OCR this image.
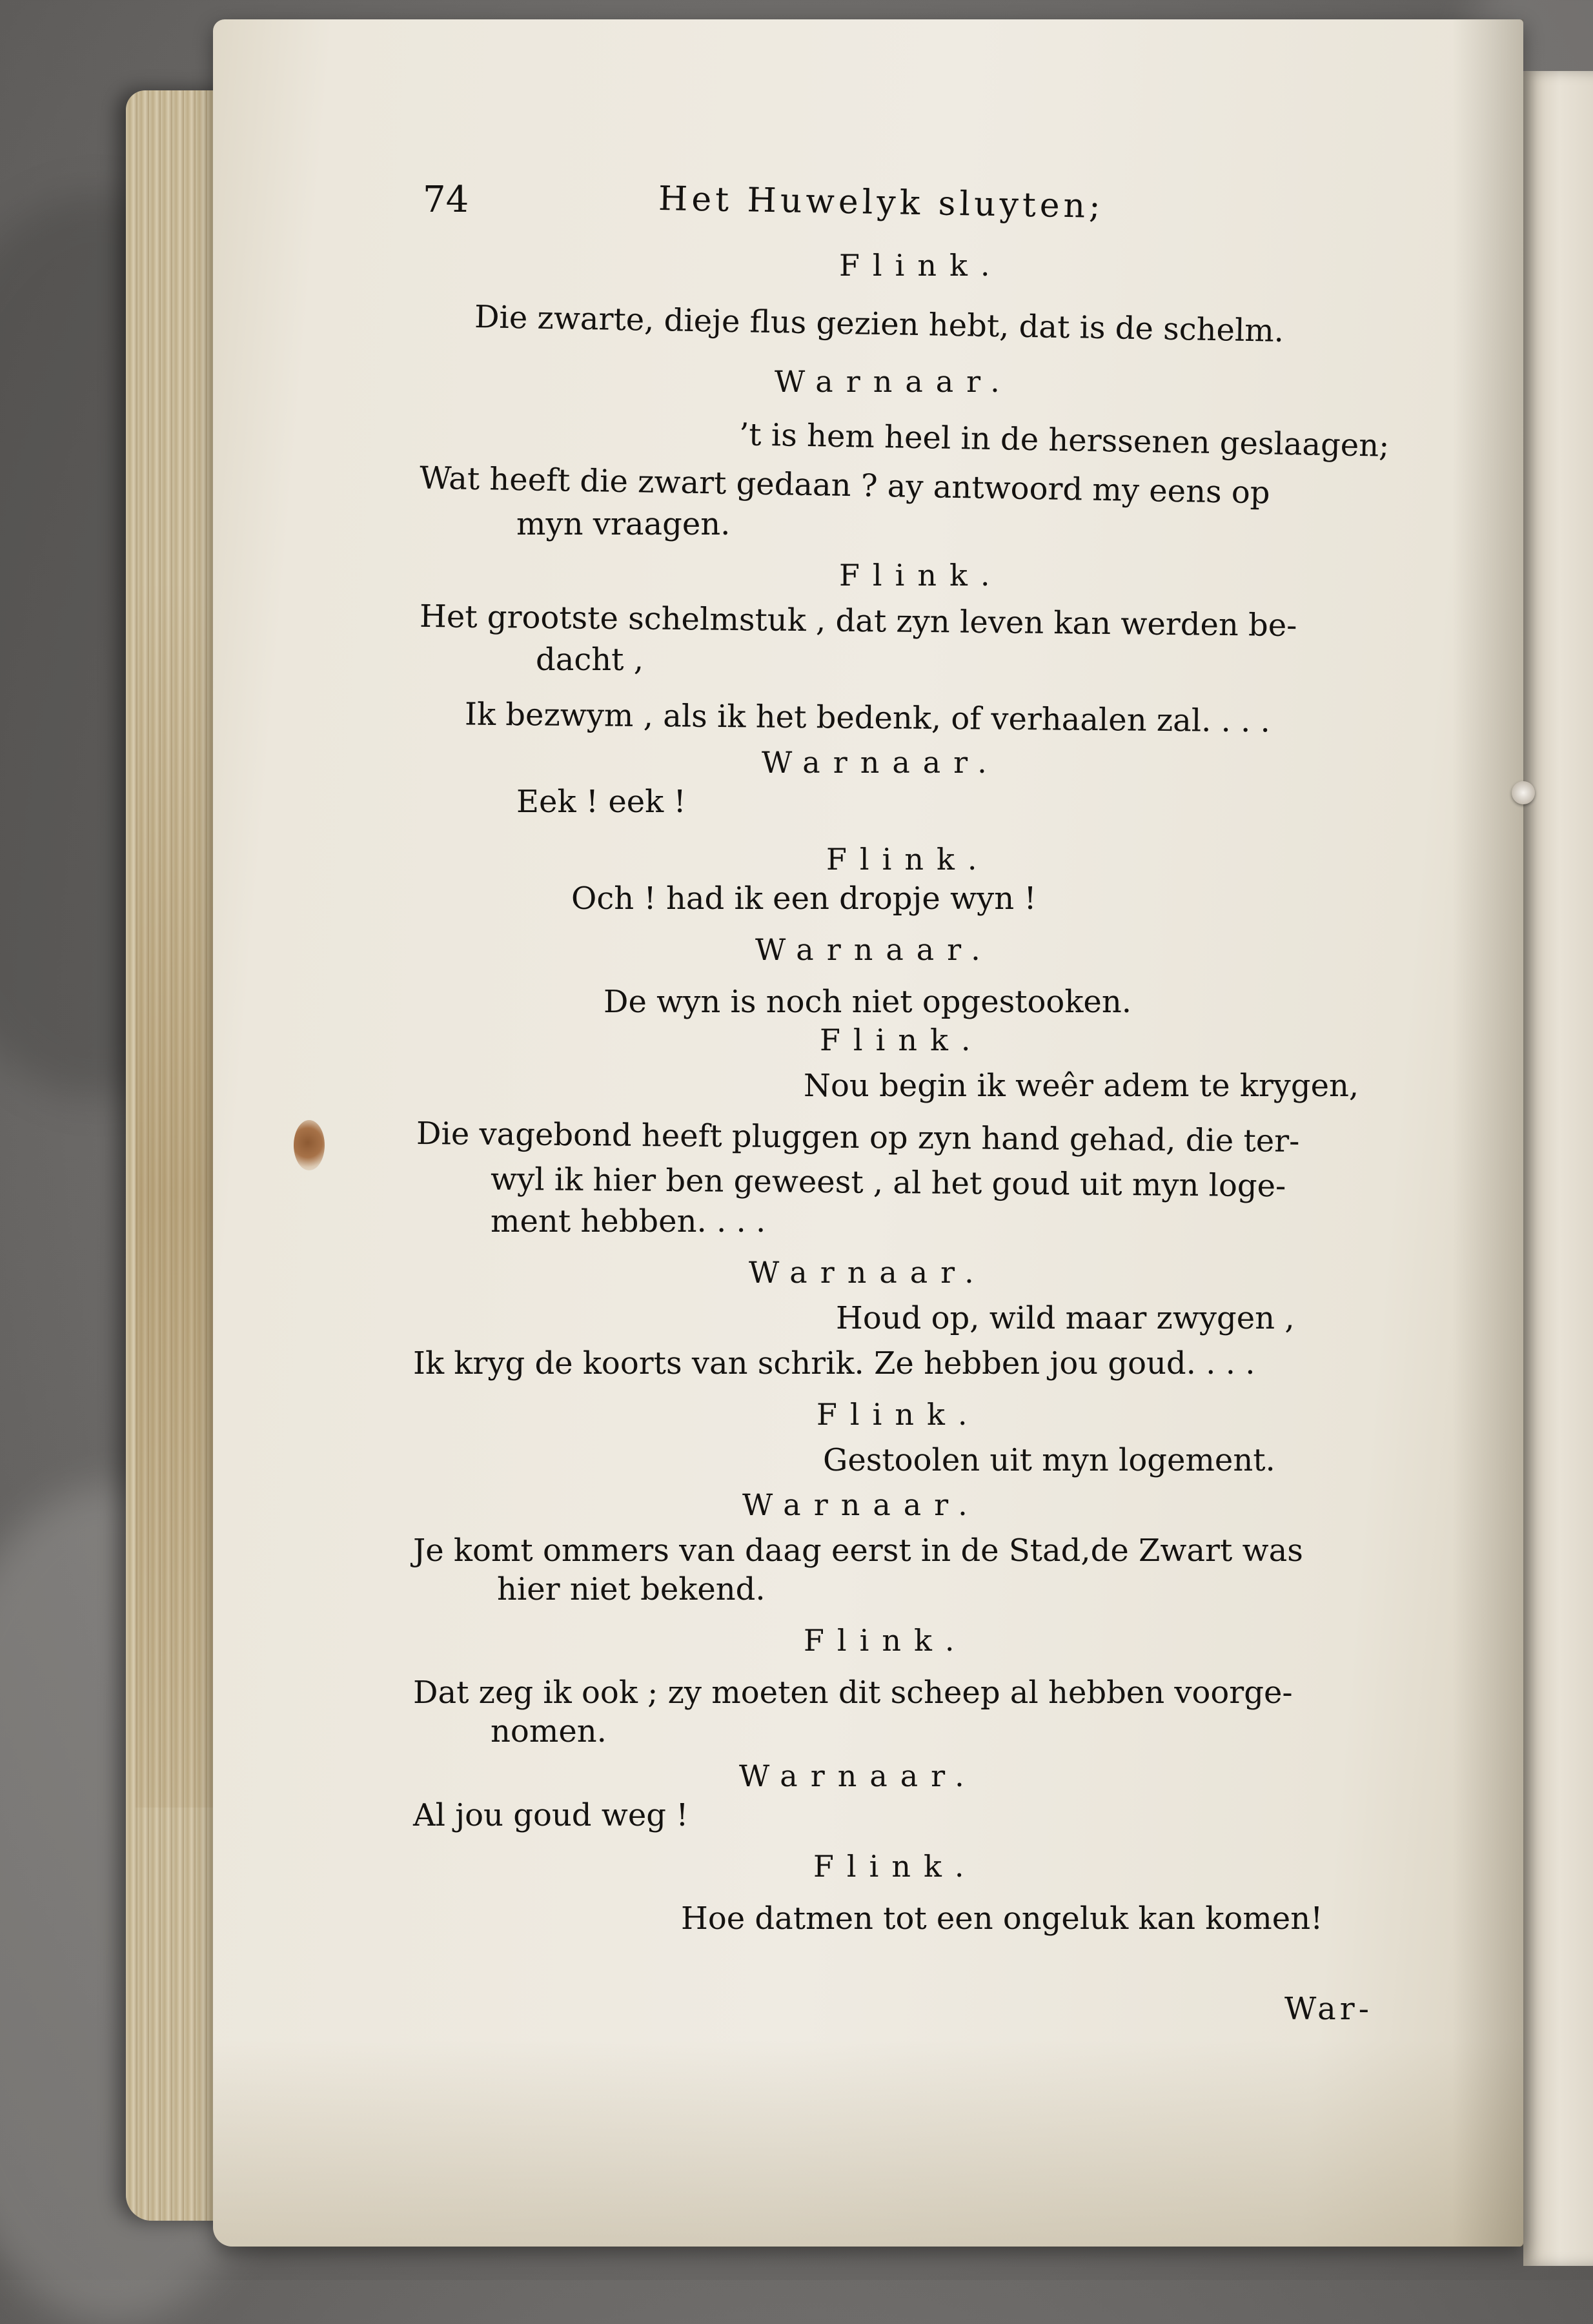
74	Het Huwelyk sluyten;
Flink.
Die zwarte, dieje flus gezien hebt, dat is de schelm.
Warnaar.
’t is hem heel in de herssenen geslaagen;
Wat heeft die zwart gedaan ? ay antwoord my eens op
myn vraagen.
Flink.
Het grootste schelmstuk , dat zyn leven kan werden be-
dacht ,
Ik bezwym , als ik het bedenk, of verhaalen zal. . . .
Warnaar.
Eek ! eek !
Flink.
Och ! had ik een dropje wyn !
Warnaar.
De wyn is noch niet opgestooken.
Flink.
Nou begin ik weêr adem te krygen,
Die vagebond heeft pluggen op zyn hand gehad, die ter-
wyl ik hier ben geweest , al het goud uit myn loge-
ment hebben. . . .
Warnaar.
Houd op, wild maar zwygen ,
Ik kryg de koorts van schrik. Ze hebben jou goud. . . .
Flink.
Gestoolen uit myn logement.
Warnaar.
Je komt ommers van daag eerst in de Stad,de Zwart was
hier niet bekend.
Flink.
Dat zeg ik ook ; zy moeten dit scheep al hebben voorge-
nomen.
Warnaar.
Al jou goud weg !
Flink.
Hoe datmen tot een ongeluk kan komen!
War-
